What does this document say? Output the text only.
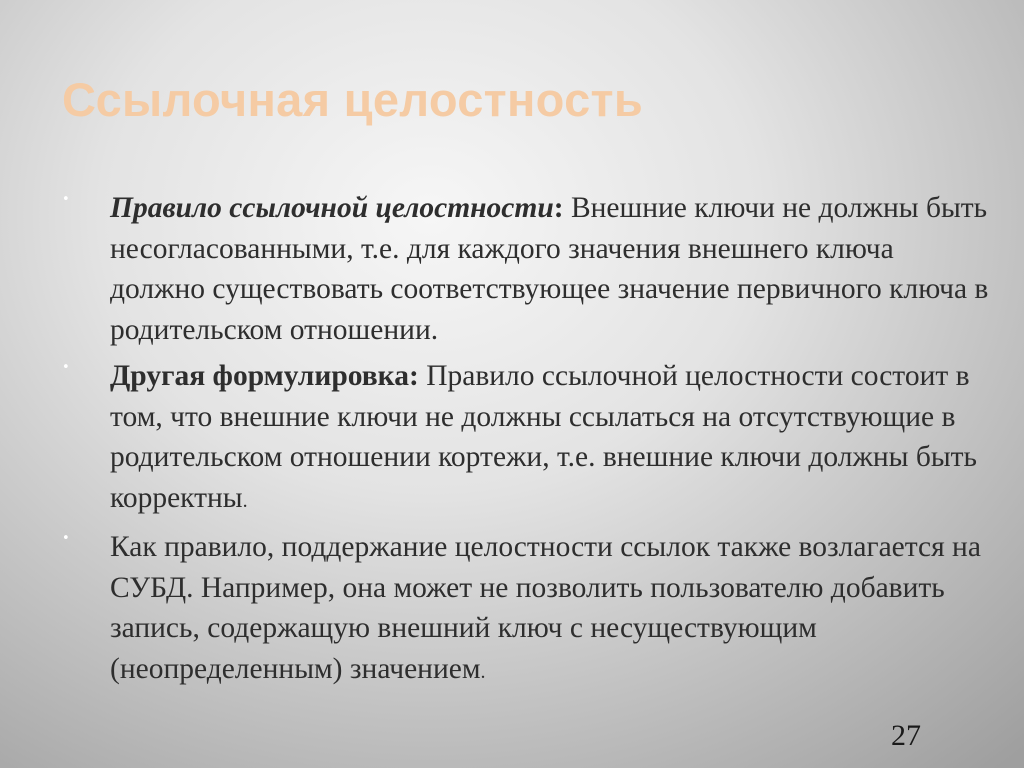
Ссылочная целостность
• Правило ссылочной целостности: Внешние ключи не должны быть несогласованными, т.е. для каждого значения внешнего ключа должно существовать соответствующее значение первичного ключа в родительском отношении.
• Другая формулировка: Правило ссылочной целостности состоит в том, что внешние ключи не должны ссылаться на отсутствующие в родительском отношении кортежи, т.е. внешние ключи должны быть корректны.
• Как правило, поддержание целостности ссылок также возлагается на СУБД. Например, она может не позволить пользователю добавить запись, содержащую внешний ключ с несуществующим (неопределенным) значением.
27
